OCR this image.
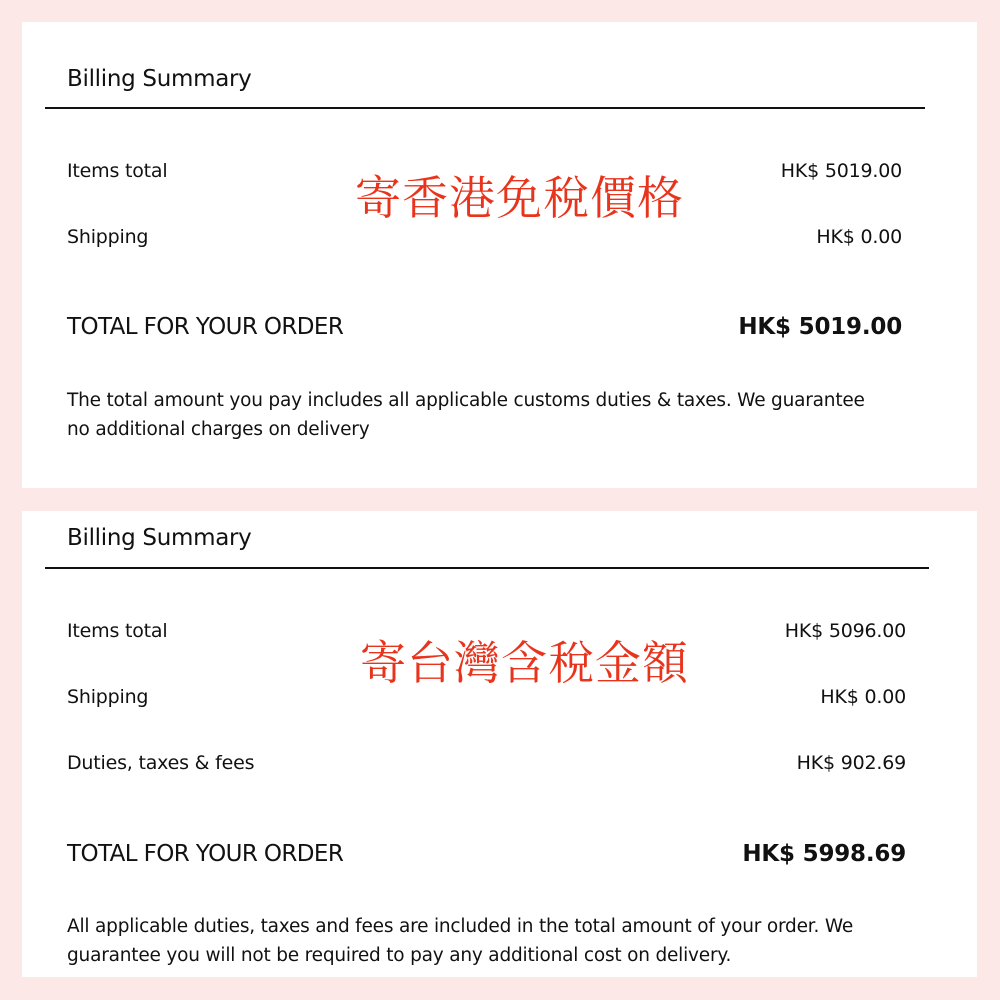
Billing Summary
Items total	HK$ 5019.00
Shipping	HK$ 0.00
TOTAL FOR YOUR ORDER	HK$ 5019.00
The total amount you pay includes all applicable customs duties & taxes. We guarantee
no additional charges on delivery
寄香港免稅價格
Billing Summary
Items total	HK$ 5096.00
Shipping	HK$ 0.00
Duties, taxes & fees	HK$ 902.69
TOTAL FOR YOUR ORDER	HK$ 5998.69
All applicable duties, taxes and fees are included in the total amount of your order. We
guarantee you will not be required to pay any additional cost on delivery.
寄台灣含稅金額
